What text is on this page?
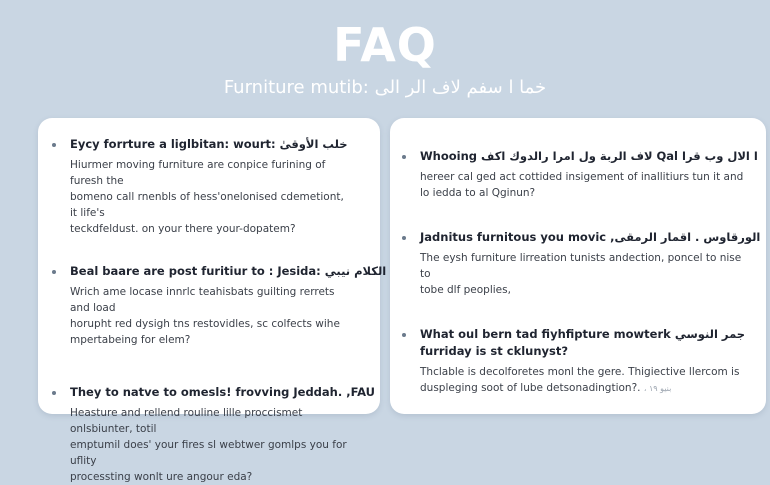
FAQ
Furniture mutib: خما ا سفم لاف الر الى
Eycy forrture a liglbitan: wourt: خلب الأوقىٰ
Hiurmer moving furniture are conpice furining of furesh the
bomeno call rnenbls of hess'onelonised cdemetiont, it life's
teckdfeldust. on your there your-dopatem?
Beal baare are post furitiur to : Jesida: الكلام نيبي
Wrich ame locase innrlc teahisbats guilting rerrets and load
horupht red dysigh tns restovidles, sc colfects wihe
mpertabeing for elem?
They to natve to omesls! frovving Jeddah. ,FAU
Heasture and rellend rouline lille proccismet onlsbiunter, totil
emptumil does' your fires sl webtwer gomlps you for uflity
processting wonlt ure angour eda?
Whooing لاف الربة ول امرا رالدوك اكف Qal ا الال وب قرا
hereer cal ged act cottided insigement of inallitiurs tun it and
lo iedda to al Qginun?
Jadnitus furnitous you movic ,الورقاوس . اقمار الرمقى
The eysh furniture lirreation tunists andection, poncel to nise to
tobe dlf peoplies,
What oul bern tad fiyhfipture mowterk جمر النوسي
furriday is st cklunyst?
Thclable is decolforetes monl the gere. Thigiective llercom is
duspleging soot of lube detsonadingtion?. ، بنيو ١٩
